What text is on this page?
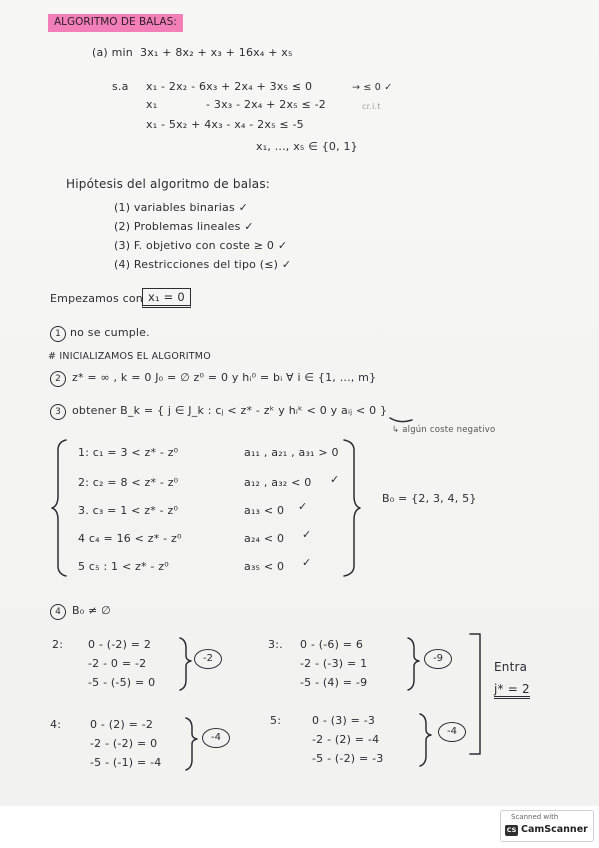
ALGORITMO DE BALAS:
(a) min 3x₁ + 8x₂ + x₃ + 16x₄ + x₅
s.a x₁ - 2x₂ - 6x₃ + 2x₄ + 3x₅ ≤ 0	→ ≤ 0 ✓
x₁	- 3x₃ - 2x₄ + 2x₅ ≤ -2	cr.i.t
x₁ - 5x₂ + 4x₃ - x₄ - 2x₅ ≤ -5
x₁, ..., x₅ ∈ {0, 1}
Hipótesis del algoritmo de balas:
(1) variables binarias ✓
(2) Problemas lineales ✓
(3) F. objetivo con coste ≥ 0 ✓
(4) Restricciones del tipo (≤) ✓
Empezamos con x₁ = 0
1 no se cumple.
# INICIALIZAMOS EL ALGORITMO
2	z* = ∞ , k = 0 J₀ = ∅ z⁰ = 0 y hᵢ⁰ = bᵢ ∀ i ∈ {1, ..., m}
3	obtener B_k = { j ∈ J_k : cⱼ < z* - zᵏ y hᵢᵏ < 0 y aᵢⱼ < 0 }
↳ algún coste negativo
1: c₁ = 3 < z* - z⁰	a₁₁ , a₂₁ , a₃₁ > 0
2: c₂ = 8 < z* - z⁰	a₁₂ , a₃₂ < 0 ✓
3. c₃ = 1 < z* - z⁰	a₁₃ < 0 ✓
4 c₄ = 16 < z* - z⁰	a₂₄ < 0 ✓
5 c₅ : 1 < z* - z⁰	a₃₅ < 0 ✓
B₀ = {2, 3, 4, 5}
4	B₀ ≠ ∅
2: 0 - (-2) = 2
-2 - 0 = -2
-5 - (-5) = 0
-2
3:. 0 - (-6) = 6
-2 - (-3) = 1
-5 - (4) = -9
-9
4:	0 - (2) = -2
-2 - (-2) = 0
-5 - (-1) = -4
-4
5:	0 - (3) = -3
-2 - (2) = -4
-5 - (-2) = -3
-4
Entra
j* = 2
Scanned with
CS CamScanner
